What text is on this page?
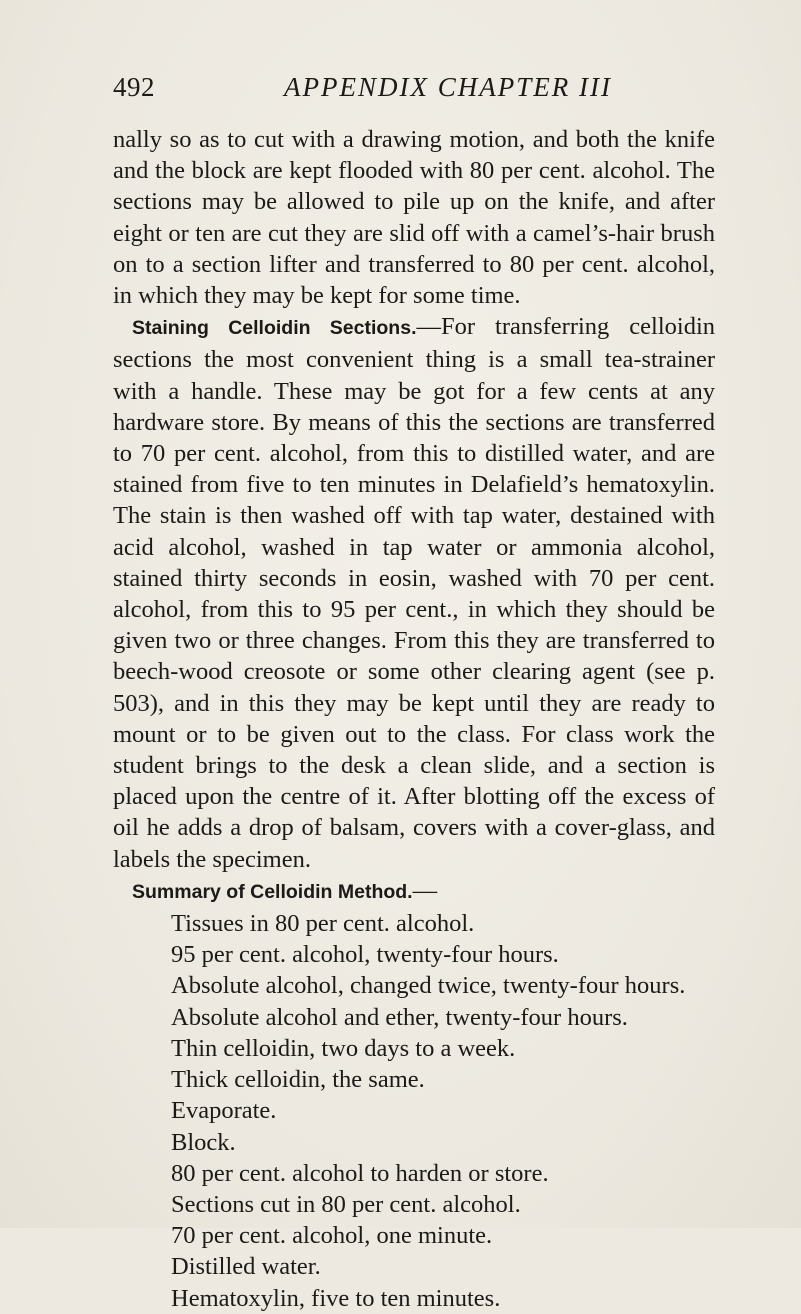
492	APPENDIX CHAPTER III

nally so as to cut with a drawing motion, and both the knife and the block are kept flooded with 80 per cent. alcohol. The sections may be allowed to pile up on the knife, and after eight or ten are cut they are slid off with a camel’s-hair brush on to a section lifter and transferred to 80 per cent. alcohol, in which they may be kept for some time.

Staining Celloidin Sections.—For transferring celloidin sections the most convenient thing is a small tea-strainer with a handle. These may be got for a few cents at any hardware store. By means of this the sections are transferred to 70 per cent. alcohol, from this to distilled water, and are stained from five to ten minutes in Delafield’s hematoxylin. The stain is then washed off with tap water, destained with acid alcohol, washed in tap water or ammonia alcohol, stained thirty seconds in eosin, washed with 70 per cent. alcohol, from this to 95 per cent., in which they should be given two or three changes. From this they are transferred to beech-wood creosote or some other clearing agent (see p. 503), and in this they may be kept until they are ready to mount or to be given out to the class. For class work the student brings to the desk a clean slide, and a section is placed upon the centre of it. After blotting off the excess of oil he adds a drop of balsam, covers with a cover-glass, and labels the specimen.

Summary of Celloidin Method.—

Tissues in 80 per cent. alcohol.
95 per cent. alcohol, twenty-four hours.
Absolute alcohol, changed twice, twenty-four hours.
Absolute alcohol and ether, twenty-four hours.
Thin celloidin, two days to a week.
Thick celloidin, the same.
Evaporate.
Block.
80 per cent. alcohol to harden or store.
Sections cut in 80 per cent. alcohol.
70 per cent. alcohol, one minute.
Distilled water.
Hematoxylin, five to ten minutes.
